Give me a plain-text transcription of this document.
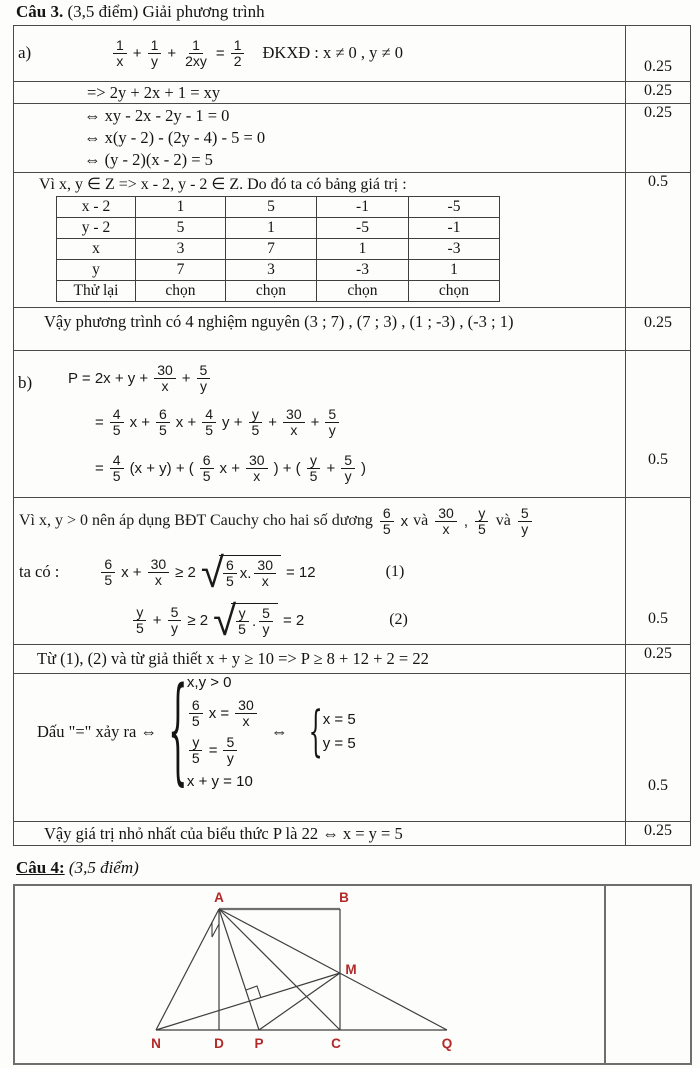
Câu 3. (3,5 điểm) Giải phương trình
a)	$\frac{1}{x} + \frac{1}{y} + \frac{1}{2xy} = \frac{1}{2}$ ĐKXĐ : x ≠ 0 , y ≠ 0
	0.25

=> 2y + 2x + 1 = xy	0.25

⇔ xy - 2x - 2y - 1 = 0
⇔ x(y - 2) - (2y - 4) - 5 = 0
⇔ (y - 2)(x - 2) = 5
	0.25

Vì x, y ∈ Z => x - 2, y - 2 ∈ Z. Do đó ta có bảng giá trị :
x - 2	1	5	-1	-5
y - 2	5	1	-5	-1
x	3	7	1	-3
y	7	3	-3	1
Thử lại	chọn	chọn	chọn	chọn
	0.5

Vậy phương trình có 4 nghiệm nguyên (3 ; 7) , (7 ; 3) , (1 ; -3) , (-3 ; 1)	0.25

b) $P = 2x + y + \frac{30}{x} + \frac{5}{y}$
= $\frac{4}{5}$ $x + \frac{6}{5}$ $x + \frac{4}{5}$ $y + \frac{y}{5} + \frac{30}{x} + \frac{5}{y}$
= $\frac{4}{5} (x + y)$ + ( $\frac{6}{5}$ $x + \frac{30}{x}$ ) + ( $\frac{y}{5} + \frac{5}{y}$ )	0.5

Vì x, y > 0 nên áp dụng BĐT Cauchy cho hai số dương $\frac{6}{5}$ x và $\frac{30}{x}$ , $\frac{y}{5}$ và $\frac{5}{y}$
ta có :	$\frac{6}{5}$ $x + \frac{30}{x} \ge 2$ √ $\frac{6}{5} x$. $\frac{30}{x} = 12$	(1)
$\frac{y}{5} + \frac{5}{y} \ge 2$ √ $\frac{y}{5}$ . $\frac{5}{y} = 2$	(2)	0.5

Từ (1), (2) và từ giả thiết x + y ≥ 10 => P ≥ 8 + 12 + 2 = 22	0.25

Dấu "=" xảy ra ⇔ { x,y > 0
$\frac{6}{5}$ $x = \frac{30}{x}$
$\frac{y}{5} = \frac{5}{y}$
x + y = 10
⇔ { x = 5
y = 5
	0.5

Vậy giá trị nhỏ nhất của biểu thức P là 22 ⇔ x = y = 5	0.25
Câu 4: (3,5 điểm)
A	B
M
N	D P	C	Q
